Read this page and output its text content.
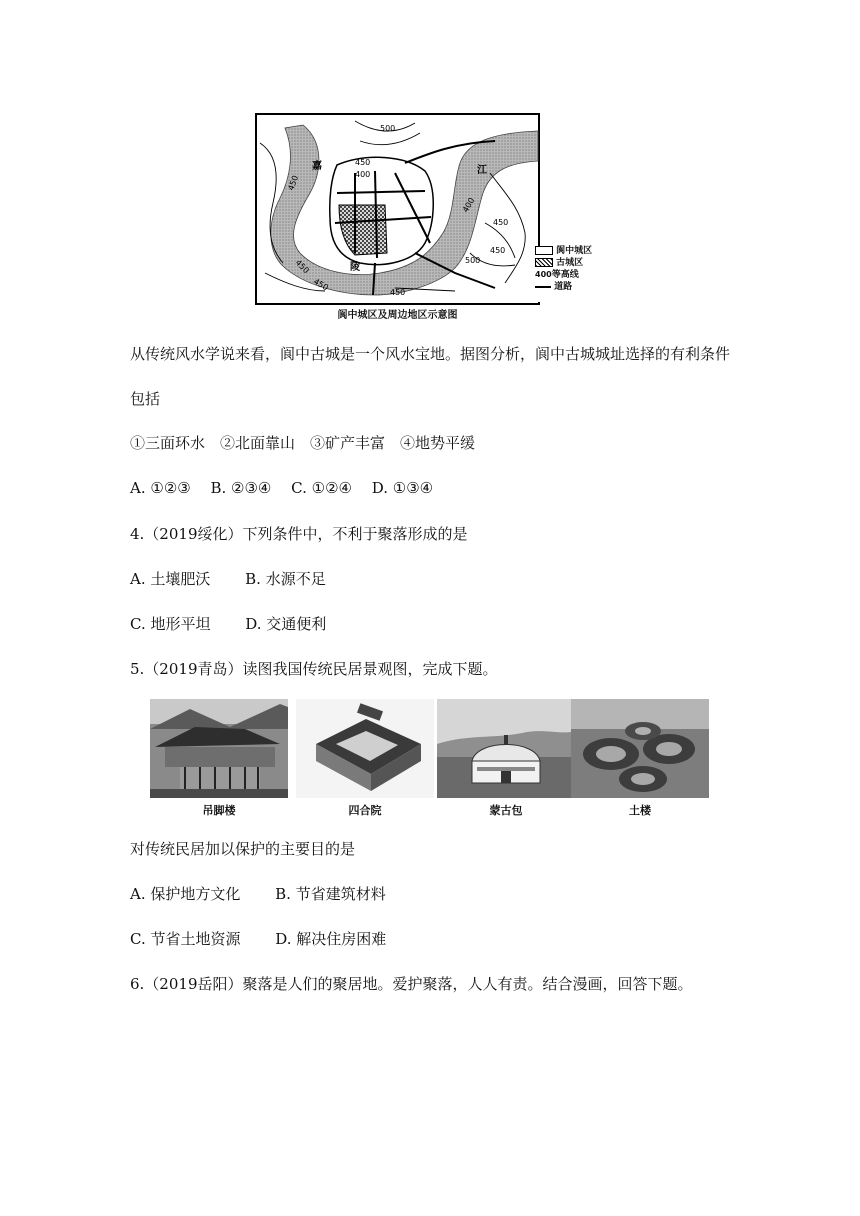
500
450
400
450
450
400
450
500
450
450
450
嘉
陵
江
阆中城区
古城区
400等高线
道路
阆中城区及周边地区示意图
从传统风水学说来看，阆中古城是一个风水宝地。据图分析，阆中古城城址选择的有利条件
包括
①三面环水　②北面靠山　③矿产丰富　④地势平缓
A. ①②③　 B. ②③④　 C. ①②④　 D. ①③④
4.（2019绥化）下列条件中，不利于聚落形成的是
A. 土壤肥沃　　 B. 水源不足
C. 地形平坦　　 D. 交通便利
5.（2019青岛）读图我国传统民居景观图，完成下题。
吊脚楼	四合院	蒙古包	土楼
对传统民居加以保护的主要目的是
A. 保护地方文化　　 B. 节省建筑材料
C. 节省土地资源　　 D. 解决住房困难
6.（2019岳阳）聚落是人们的聚居地。爱护聚落，人人有责。结合漫画，回答下题。
